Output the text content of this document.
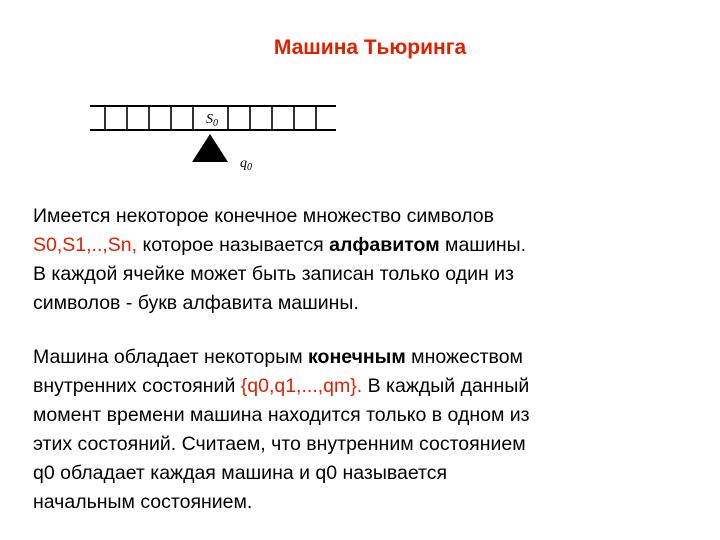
Машина Тьюринга
$S_0$
$q_0$

Имеется некоторое конечное множество символов
S0,S1,..,Sn, которое называется алфавитом машины.
В каждой ячейке может быть записан только один из
символов - букв алфавита машины.

Машина обладает некоторым конечным множеством
внутренних состояний {q0,q1,...,qm}. В каждый данный
момент времени машина находится только в одном из
этих состояний. Считаем, что внутренним состоянием
q0 обладает каждая машина и q0 называется
начальным состоянием.
